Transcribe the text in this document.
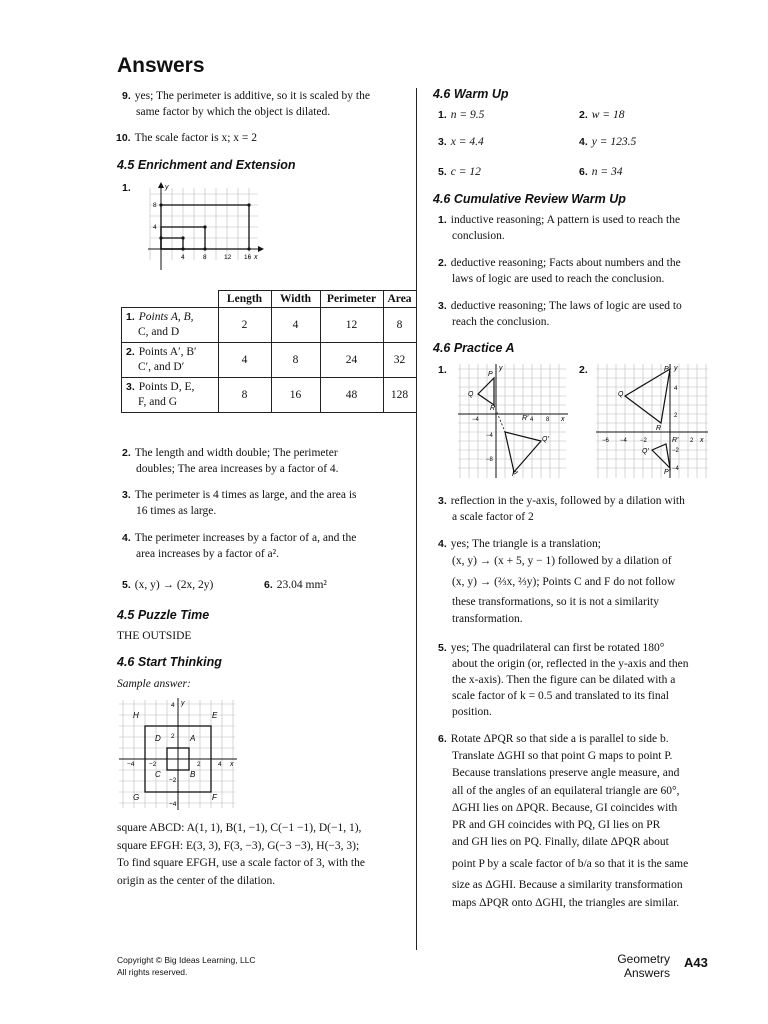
Answers
9. yes; The perimeter is additive, so it is scaled by the
same factor by which the object is dilated.
10. The scale factor is x; x = 2
4.5 Enrichment and Extension
1.	y
8
4
4	8	12 16 x
	Length	Width	Perimeter	Area
1. Points A, B,
C, and D	2	4	12	8
2. Points A′, B′
C′, and D′	4	8	24	32
3. Points D, E,
F, and G	8	16	48	128
2. The length and width double; The perimeter
doubles; The area increases by a factor of 4.
3. The perimeter is 4 times as large, and the area is
16 times as large.
4. The perimeter increases by a factor of a, and the
area increases by a factor of a².
5. (x, y) → (2x, 2y)	6. 23.04 mm²
4.5 Puzzle Time
THE OUTSIDE
4.6 Start Thinking
Sample answer:
H	E
D	A
C	B
G	F
−4 −2	2	4 x
4 y
2
−2
−4
square ABCD: A(1, 1), B(1, −1), C(−1 −1), D(−1, 1),
square EFGH: E(3, 3), F(3, −3), G(−3 −3), H(−3, 3);
To find square EFGH, use a scale factor of 3, with the
origin as the center of the dilation.
4.6 Warm Up
1. n = 9.5	2. w = 18
3. x = 4.4	4. y = 123.5
5. c = 12	6. n = 34
4.6 Cumulative Review Warm Up
1. inductive reasoning; A pattern is used to reach the
conclusion.
2. deductive reasoning; Facts about numbers and the
laws of logic are used to reach the conclusion.
3. deductive reasoning; The laws of logic are used to
reach the conclusion.
4.6 Practice A
1.
Q
P
R
R′
Q′
P′
−4	4 8
−4
−8
x
y	2.	P
Q
Q′
P′
R
R′
−6 −4 −2	2
4
2
−2
−4
x
y
3. reflection in the y-axis, followed by a dilation with
a scale factor of 2
4. yes; The triangle is a translation;
(x, y) → (x + 5, y − 1) followed by a dilation of
(x, y) → (⅔x, ⅔y); Points C and F do not follow
these transformations, so it is not a similarity
transformation.
5. yes; The quadrilateral can first be rotated 180°
about the origin (or, reflected in the y-axis and then
the x-axis). Then the figure can be dilated with a
scale factor of k = 0.5 and translated to its final
position.
6. Rotate ΔPQR so that side a is parallel to side b.
Translate ΔGHI so that point G maps to point P.
Because translations preserve angle measure, and
all of the angles of an equilateral triangle are 60°,
ΔGHI lies on ΔPQR. Because, GI coincides with
PR and GH coincides with PQ, GI lies on PR
and GH lies on PQ. Finally, dilate ΔPQR about
point P by a scale factor of b/a so that it is the same
size as ΔGHI. Because a similarity transformation
maps ΔPQR onto ΔGHI, the triangles are similar.
Copyright © Big Ideas Learning, LLC
All rights reserved.
Geometry
Answers
A43
